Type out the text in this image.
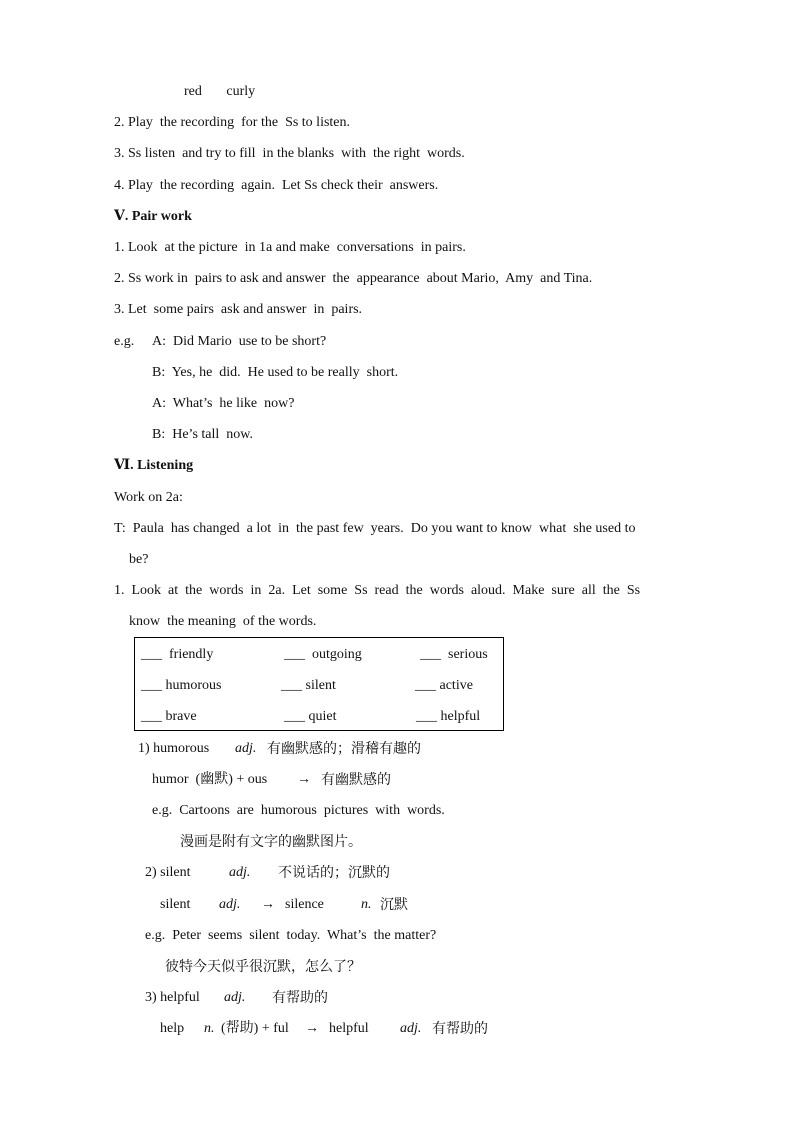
red       curly
2. Play  the recording  for the  Ss to listen.
3. Ss listen  and try to fill  in the blanks  with  the right  words.
4. Play  the recording  again.  Let Ss check their  answers.
Ⅴ. Pair work
1. Look  at the picture  in 1a and make  conversations  in pairs.
2. Ss work in  pairs to ask and answer  the  appearance  about Mario,  Amy  and Tina.
3. Let  some pairs  ask and answer  in  pairs.
e.g. A:  Did Mario  use to be short?
B:  Yes, he  did.  He used to be really  short.
A:  What’s  he like  now?
B:  He’s tall  now.
Ⅵ. Listening
Work on 2a:
T:  Paula  has changed  a lot  in  the past few  years.  Do you want to know  what  she used to
be?
1.  Look  at  the  words  in  2a.  Let  some  Ss  read  the  words  aloud.  Make  sure  all  the  Ss
know  the meaning  of the words.
___  friendly	___  outgoing	___  serious
___ humorous	___ silent	___ active
___ brave	___ quiet	___ helpful
1) humorous adj. 有幽默感的；滑稽有趣的
humor  (幽默) + ous → 有幽默感的
e.g.  Cartoons  are  humorous  pictures  with  words.
漫画是附有文字的幽默图片。
2) silent	adj. 不说话的；沉默的
silent adj. → silence	n. 沉默
e.g.  Peter  seems  silent  today.  What’s  the matter?
彼特今天似乎很沉默，怎么了？
3) helpful adj. 有帮助的
help n. (帮助) + ful → helpful adj. 有帮助的
